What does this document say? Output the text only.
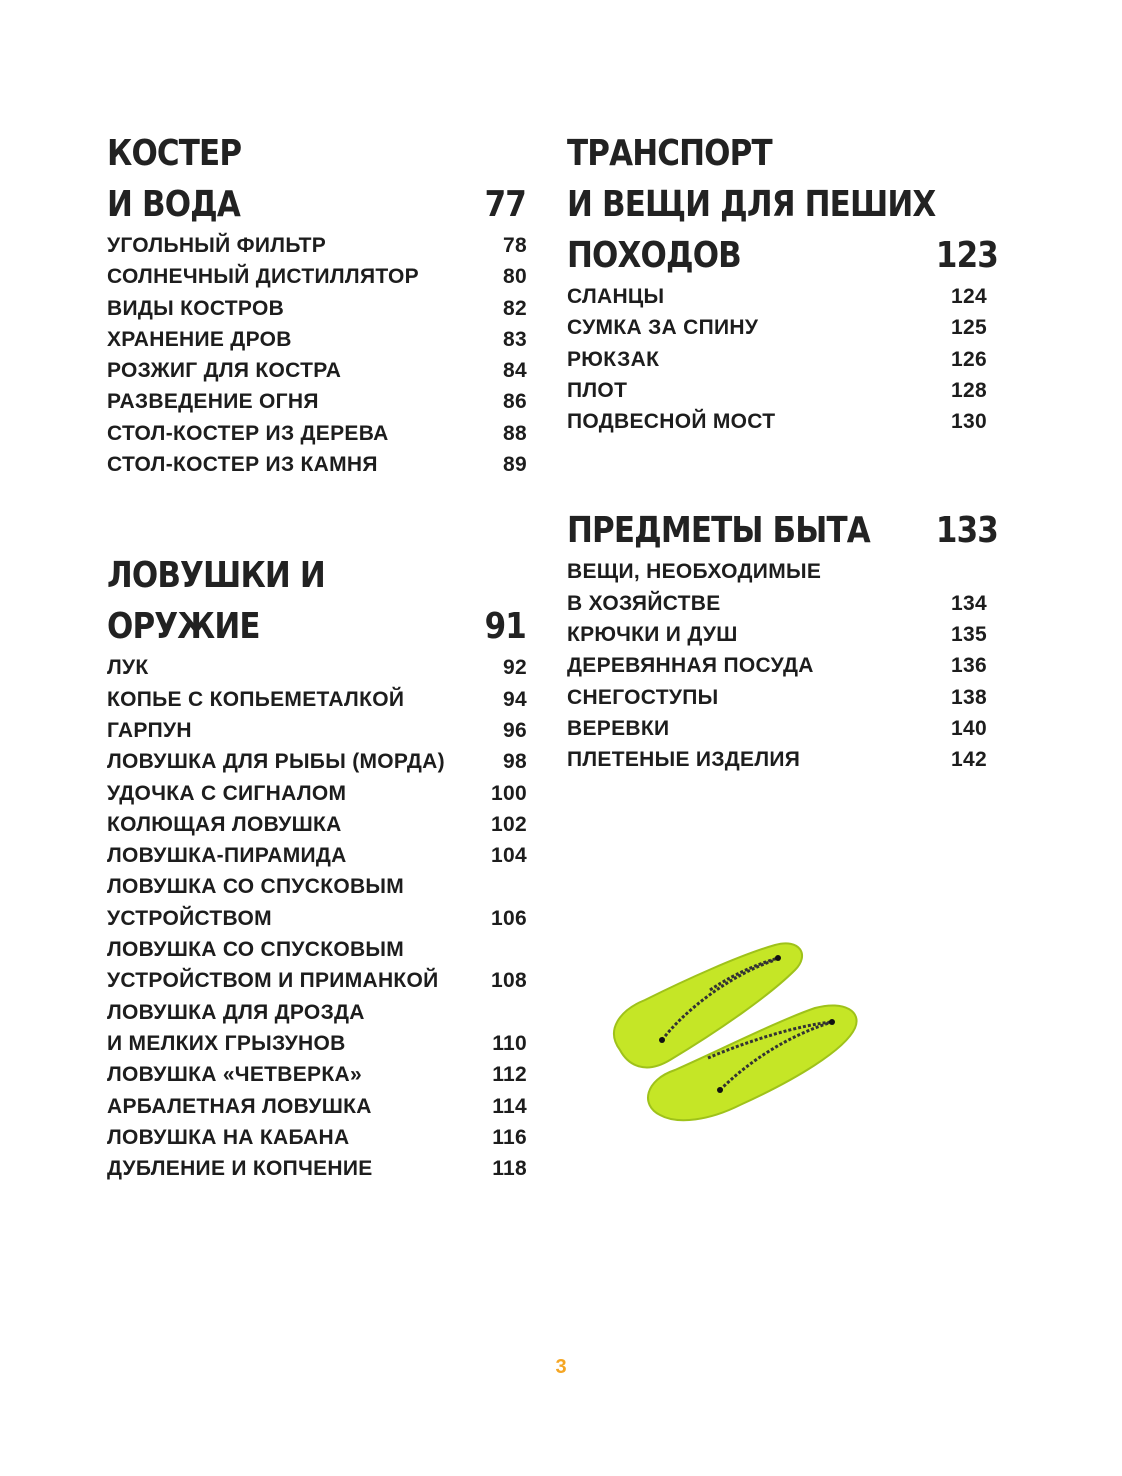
КОСТЕР
И ВОДА	77
УГОЛЬНЫЙ ФИЛЬТР	78
СОЛНЕЧНЫЙ ДИСТИЛЛЯТОР	80
ВИДЫ КОСТРОВ	82
ХРАНЕНИЕ ДРОВ	83
РОЗЖИГ ДЛЯ КОСТРА	84
РАЗВЕДЕНИЕ ОГНЯ	86
СТОЛ-КОСТЕР ИЗ ДЕРЕВА	88
СТОЛ-КОСТЕР ИЗ КАМНЯ	89
ЛОВУШКИ И ОРУЖИЕ	91
ЛУК	92
КОПЬЕ С КОПЬЕМЕТАЛКОЙ	94
ГАРПУН	96
ЛОВУШКА ДЛЯ РЫБЫ (МОРДА)	98
УДОЧКА С СИГНАЛОМ	100
КОЛЮЩАЯ ЛОВУШКА	102
ЛОВУШКА-ПИРАМИДА	104
ЛОВУШКА СО СПУСКОВЫМ
УСТРОЙСТВОМ	106
ЛОВУШКА СО СПУСКОВЫМ
УСТРОЙСТВОМ И ПРИМАНКОЙ 108
ЛОВУШКА ДЛЯ ДРОЗДА
И МЕЛКИХ ГРЫЗУНОВ	110
ЛОВУШКА «ЧЕТВЕРКА»	112
АРБАЛЕТНАЯ ЛОВУШКА	114
ЛОВУШКА НА КАБАНА	116
ДУБЛЕНИЕ И КОПЧЕНИЕ	118
ТРАНСПОРТ
И ВЕЩИ ДЛЯ ПЕШИХ
ПОХОДОВ	123
СЛАНЦЫ	124
СУМКА ЗА СПИНУ	125
РЮКЗАК	126
ПЛОТ	128
ПОДВЕСНОЙ МОСТ	130
ПРЕДМЕТЫ БЫТА 133
ВЕЩИ, НЕОБХОДИМЫЕ
В ХОЗЯЙСТВЕ	134
КРЮЧКИ И ДУШ	135
ДЕРЕВЯННАЯ ПОСУДА	136
СНЕГОСТУПЫ	138
ВЕРЕВКИ	140
ПЛЕТЕНЫЕ ИЗДЕЛИЯ	142
3
